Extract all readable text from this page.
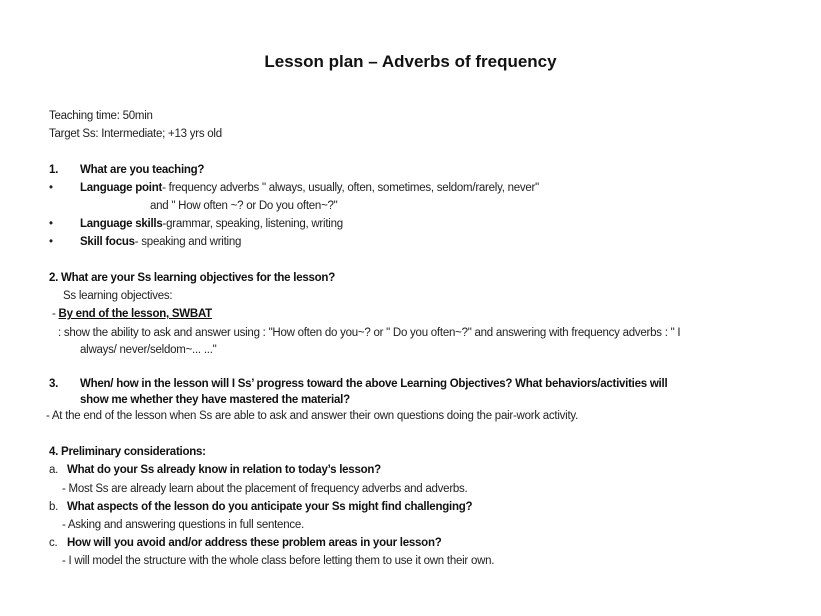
Lesson plan – Adverbs of frequency
Teaching time: 50min
Target Ss: Intermediate; +13 yrs old
1. What are you teaching?
• Language point- frequency adverbs " always, usually, often, sometimes, seldom/rarely, never"
and " How often ~? or Do you often~?"
• Language skills-grammar, speaking, listening, writing
• Skill focus- speaking and writing
2. What are your Ss learning objectives for the lesson?
Ss learning objectives:
- By end of the lesson, SWBAT
: show the ability to ask and answer using : "How often do you~? or " Do you often~?" and answering with frequency adverbs : " I
always/ never/seldom~... ..."
3. When/ how in the lesson will I Ss’ progress toward the above Learning Objectives? What behaviors/activities will
show me whether they have mastered the material?
- At the end of the lesson when Ss are able to ask and answer their own questions doing the pair-work activity.
4. Preliminary considerations:
a. What do your Ss already know in relation to today’s lesson?
- Most Ss are already learn about the placement of frequency adverbs and adverbs.
b. What aspects of the lesson do you anticipate your Ss might find challenging?
- Asking and answering questions in full sentence.
c. How will you avoid and/or address these problem areas in your lesson?
- I will model the structure with the whole class before letting them to use it own their own.
